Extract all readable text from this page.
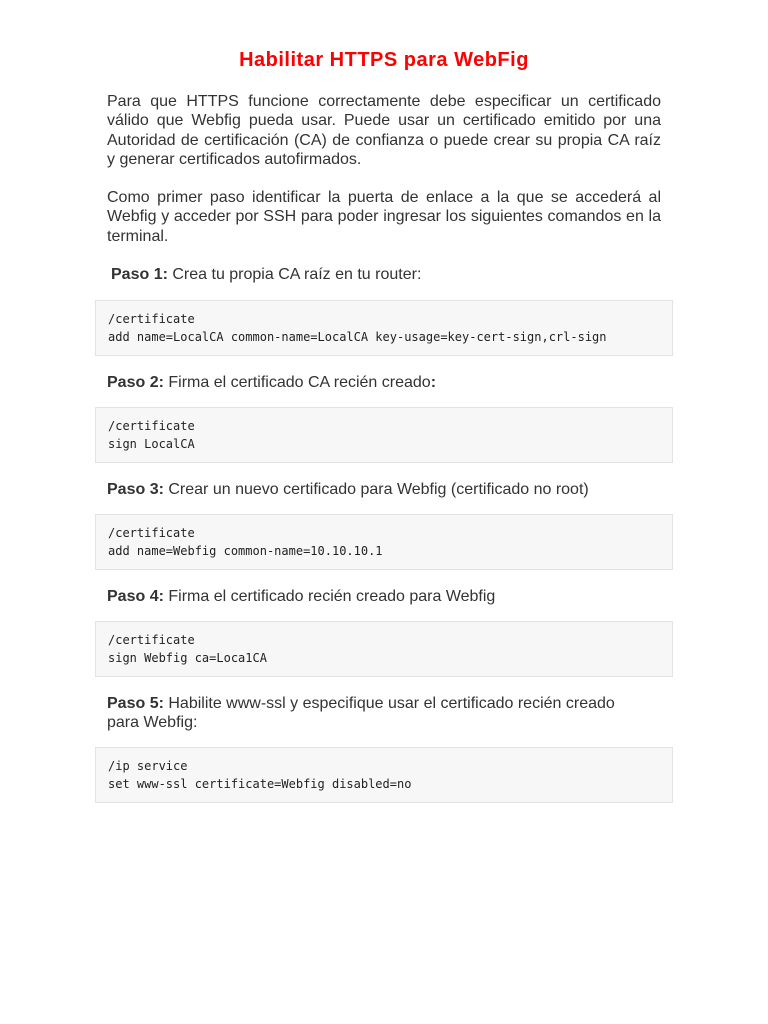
Habilitar HTTPS para WebFig

Para que HTTPS funcione correctamente debe especificar un certificado válido que Webfig pueda usar. Puede usar un certificado emitido por una Autoridad de certificación (CA) de confianza o puede crear su propia CA raíz y generar certificados autofirmados.

Como primer paso identificar la puerta de enlace a la que se accederá al Webfig y acceder por SSH para poder ingresar los siguientes comandos en la terminal.

Paso 1: Crea tu propia CA raíz en tu router:

/certificate
add name=LocalCA common-name=LocalCA key-usage=key-cert-sign,crl-sign

Paso 2: Firma el certificado CA recién creado:

/certificate
sign LocalCA

Paso 3: Crear un nuevo certificado para Webfig (certificado no root)

/certificate
add name=Webfig common-name=10.10.10.1

Paso 4: Firma el certificado recién creado para Webfig

/certificate
sign Webfig ca=Loca1CA

Paso 5: Habilite www-ssl y especifique usar el certificado recién creado para Webfig:

/ip service
set www-ssl certificate=Webfig disabled=no
